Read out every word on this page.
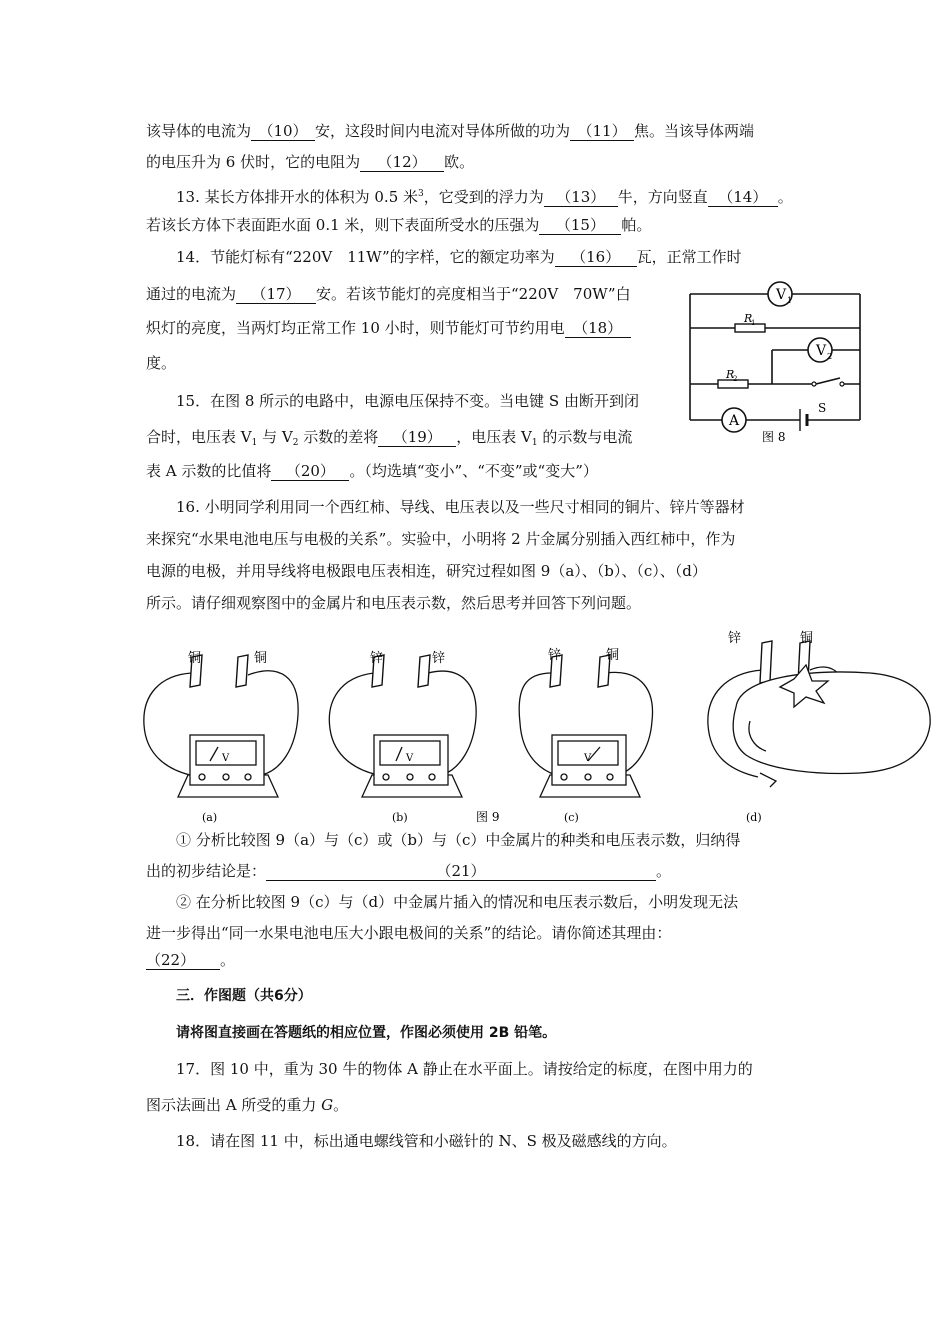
该导体的电流为 （10） 安，这段时间内电流对导体所做的功为 （11） 焦。当该导体两端
的电压升为 6 伏时，它的电阻为 （12） 欧。
13. 某长方体排开水的体积为 0.5 米$^3$，它受到的浮力为 （13） 牛，方向竖直 （14） 。
若该长方体下表面距水面 0.1 米，则下表面所受水的压强为 （15） 帕。
14．节能灯标有“220V　11W”的字样，它的额定功率为 （16） 瓦，正常工作时
通过的电流为 （17） 安。若该节能灯的亮度相当于“220V　70W”白
炽灯的亮度，当两灯均正常工作 10 小时，则节能灯可节约用电 （18）
度。
15．在图 8 所示的电路中，电源电压保持不变。当电键 S 由断开到闭
合时，电压表 $V_1$ 与 $V_2$ 示数的差将 （19） ，电压表 $V_1$ 的示数与电流
表 A 示数的比值将 （20） 。（均选填“变小”、“不变”或“变大”）
16. 小明同学利用同一个西红柿、导线、电压表以及一些尺寸相同的铜片、锌片等器材
来探究“水果电池电压与电极的关系”。实验中，小明将 2 片金属分别插入西红柿中，作为
电源的电极，并用导线将电极跟电压表相连，研究过程如图 9（a）、（b）、（c）、（d）
所示。请仔细观察图中的金属片和电压表示数，然后思考并回答下列问题。
V 1
V 2
A
R
1
R
2
S
图 8
铜	铜	锌	锌	锌	铜
锌	铜
V	V	V
(a)	(b)	图 9	(c)	(d)
① 分析比较图 9（a）与（c）或（b）与（c）中金属片的种类和电压表示数，归纳得
出的初步结论是：	（21）	。
② 在分析比较图 9（c）与（d）中金属片插入的情况和电压表示数后，小明发现无法
进一步得出“同一水果电池电压大小跟电极间的关系”的结论。请你简述其理由：
（22） 。
三．作图题（共6分）
请将图直接画在答题纸的相应位置，作图必须使用 2B 铅笔。
17．图 10 中，重为 30 牛的物体 A 静止在水平面上。请按给定的标度，在图中用力的
图示法画出 A 所受的重力 G。
18．请在图 11 中，标出通电螺线管和小磁针的 N、S 极及磁感线的方向。
